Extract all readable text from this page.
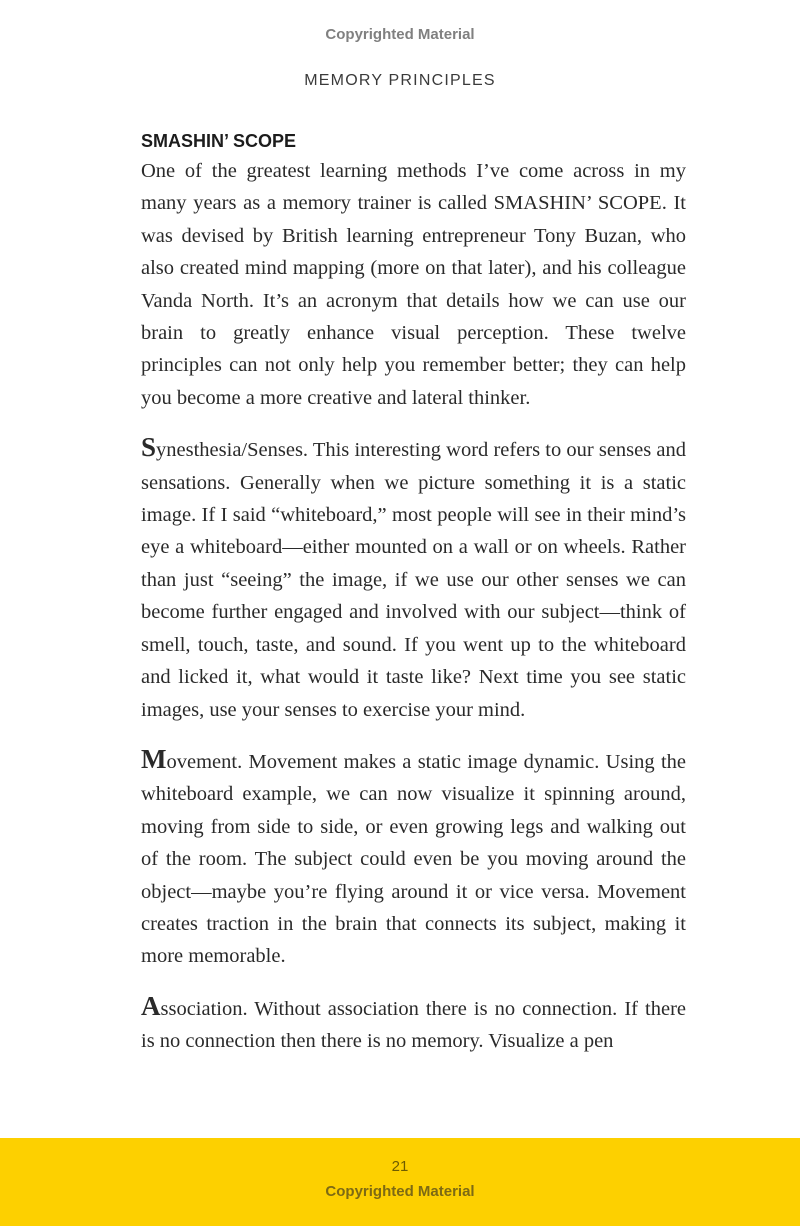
Copyrighted Material
MEMORY PRINCIPLES
SMASHIN’ SCOPE

One of the greatest learning methods I’ve come across in my many years as a memory trainer is called SMASHIN’ SCOPE. It was devised by British learning entrepreneur Tony Buzan, who also created mind mapping (more on that later), and his colleague Vanda North. It’s an acronym that details how we can use our brain to greatly enhance visual perception. These twelve principles can not only help you remember better; they can help you become a more creative and lateral thinker.

Synesthesia/Senses. This interesting word refers to our senses and sensations. Generally when we picture something it is a static image. If I said “whiteboard,” most people will see in their mind’s eye a whiteboard—either mounted on a wall or on wheels. Rather than just “seeing” the image, if we use our other senses we can become further engaged and involved with our subject—think of smell, touch, taste, and sound. If you went up to the whiteboard and licked it, what would it taste like? Next time you see static images, use your senses to exercise your mind.

Movement. Movement makes a static image dynamic. Using the whiteboard example, we can now visualize it spinning around, moving from side to side, or even growing legs and walking out of the room. The subject could even be you moving around the object—maybe you’re flying around it or vice versa. Movement creates traction in the brain that connects its subject, making it more memorable.

Association. Without association there is no connection. If there is no connection then there is no memory. Visualize a pen

21
Copyrighted Material
